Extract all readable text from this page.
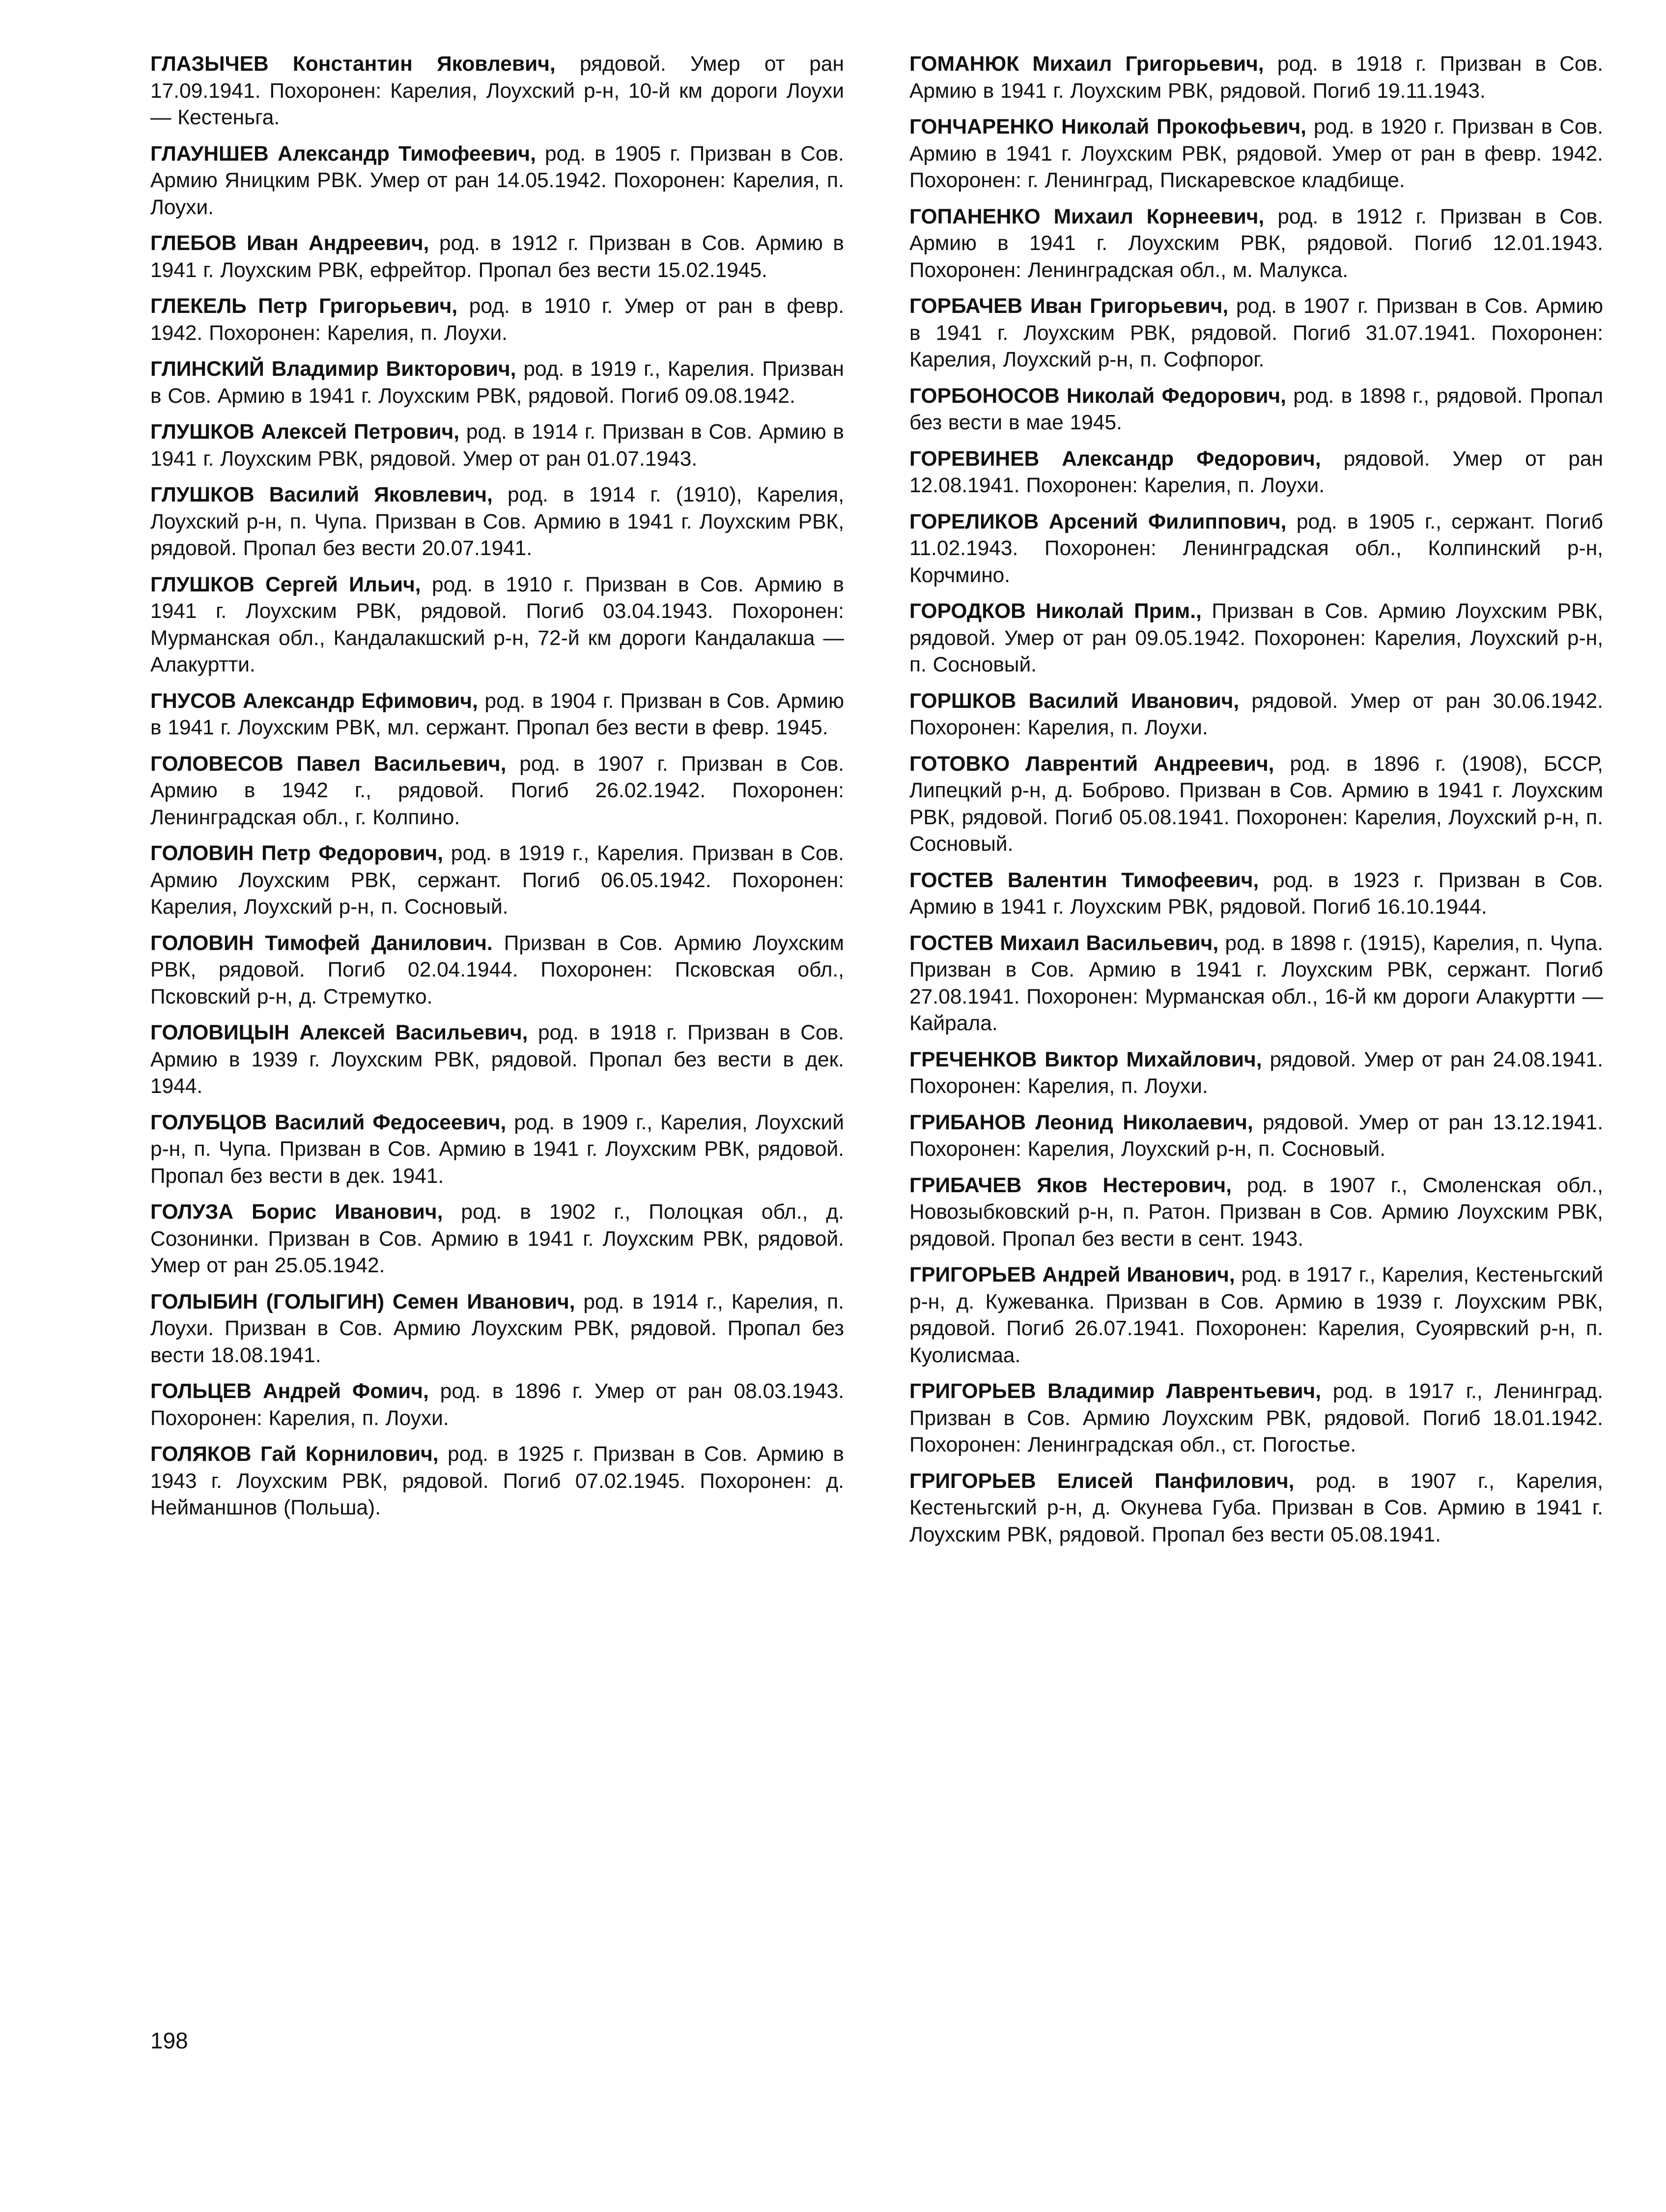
ГЛАЗЫЧЕВ Константин Яковлевич, рядовой. Умер от ран 17.09.1941. Похоронен: Карелия, Лоухский р-н, 10-й км дороги Лоухи — Кестеньга.

ГЛАУНШЕВ Александр Тимофеевич, род. в 1905 г. Призван в Сов. Армию Яницким РВК. Умер от ран 14.05.1942. Похоронен: Карелия, п. Лоухи.

ГЛЕБОВ Иван Андреевич, род. в 1912 г. Призван в Сов. Армию в 1941 г. Лоухским РВК, ефрейтор. Пропал без вести 15.02.1945.

ГЛЕКЕЛЬ Петр Григорьевич, род. в 1910 г. Умер от ран в февр. 1942. Похоронен: Карелия, п. Лоухи.

ГЛИНСКИЙ Владимир Викторович, род. в 1919 г., Карелия. Призван в Сов. Армию в 1941 г. Лоухским РВК, рядовой. Погиб 09.08.1942.

ГЛУШКОВ Алексей Петрович, род. в 1914 г. Призван в Сов. Армию в 1941 г. Лоухским РВК, рядовой. Умер от ран 01.07.1943.

ГЛУШКОВ Василий Яковлевич, род. в 1914 г. (1910), Карелия, Лоухский р-н, п. Чупа. Призван в Сов. Армию в 1941 г. Лоухским РВК, рядовой. Пропал без вести 20.07.1941.

ГЛУШКОВ Сергей Ильич, род. в 1910 г. Призван в Сов. Армию в 1941 г. Лоухским РВК, рядовой. Погиб 03.04.1943. Похоронен: Мурманская обл., Кандалакшский р-н, 72-й км дороги Кандалакша — Алакуртти.

ГНУСОВ Александр Ефимович, род. в 1904 г. Призван в Сов. Армию в 1941 г. Лоухским РВК, мл. сержант. Пропал без вести в февр. 1945.

ГОЛОВЕСОВ Павел Васильевич, род. в 1907 г. Призван в Сов. Армию в 1942 г., рядовой. Погиб 26.02.1942. Похоронен: Ленинградская обл., г. Колпино.

ГОЛОВИН Петр Федорович, род. в 1919 г., Карелия. Призван в Сов. Армию Лоухским РВК, сержант. Погиб 06.05.1942. Похоронен: Карелия, Лоухский р-н, п. Сосновый.

ГОЛОВИН Тимофей Данилович. Призван в Сов. Армию Лоухским РВК, рядовой. Погиб 02.04.1944. Похоронен: Псковская обл., Псковский р-н, д. Стремутко.

ГОЛОВИЦЫН Алексей Васильевич, род. в 1918 г. Призван в Сов. Армию в 1939 г. Лоухским РВК, рядовой. Пропал без вести в дек. 1944.

ГОЛУБЦОВ Василий Федосеевич, род. в 1909 г., Карелия, Лоухский р-н, п. Чупа. Призван в Сов. Армию в 1941 г. Лоухским РВК, рядовой. Пропал без вести в дек. 1941.

ГОЛУЗА Борис Иванович, род. в 1902 г., Полоцкая обл., д. Созонинки. Призван в Сов. Армию в 1941 г. Лоухским РВК, рядовой. Умер от ран 25.05.1942.

ГОЛЫБИН (ГОЛЫГИН) Семен Иванович, род. в 1914 г., Карелия, п. Лоухи. Призван в Сов. Армию Лоухским РВК, рядовой. Пропал без вести 18.08.1941.

ГОЛЬЦЕВ Андрей Фомич, род. в 1896 г. Умер от ран 08.03.1943. Похоронен: Карелия, п. Лоухи.

ГОЛЯКОВ Гай Корнилович, род. в 1925 г. Призван в Сов. Армию в 1943 г. Лоухским РВК, рядовой. Погиб 07.02.1945. Похоронен: д. Нейманшнов (Польша).

ГОМАНЮК Михаил Григорьевич, род. в 1918 г. Призван в Сов. Армию в 1941 г. Лоухским РВК, рядовой. Погиб 19.11.1943.

ГОНЧАРЕНКО Николай Прокофьевич, род. в 1920 г. Призван в Сов. Армию в 1941 г. Лоухским РВК, рядовой. Умер от ран в февр. 1942. Похоронен: г. Ленинград, Пискаревское кладбище.

ГОПАНЕНКО Михаил Корнеевич, род. в 1912 г. Призван в Сов. Армию в 1941 г. Лоухским РВК, рядовой. Погиб 12.01.1943. Похоронен: Ленинградская обл., м. Малукса.

ГОРБАЧЕВ Иван Григорьевич, род. в 1907 г. Призван в Сов. Армию в 1941 г. Лоухским РВК, рядовой. Погиб 31.07.1941. Похоронен: Карелия, Лоухский р-н, п. Софпорог.

ГОРБОНОСОВ Николай Федорович, род. в 1898 г., рядовой. Пропал без вести в мае 1945.

ГОРЕВИНЕВ Александр Федорович, рядовой. Умер от ран 12.08.1941. Похоронен: Карелия, п. Лоухи.

ГОРЕЛИКОВ Арсений Филиппович, род. в 1905 г., сержант. Погиб 11.02.1943. Похоронен: Ленинградская обл., Колпинский р-н, Корчмино.

ГОРОДКОВ Николай Прим., Призван в Сов. Армию Лоухским РВК, рядовой. Умер от ран 09.05.1942. Похоронен: Карелия, Лоухский р-н, п. Сосновый.

ГОРШКОВ Василий Иванович, рядовой. Умер от ран 30.06.1942. Похоронен: Карелия, п. Лоухи.

ГОТОВКО Лаврентий Андреевич, род. в 1896 г. (1908), БССР, Липецкий р-н, д. Боброво. Призван в Сов. Армию в 1941 г. Лоухским РВК, рядовой. Погиб 05.08.1941. Похоронен: Карелия, Лоухский р-н, п. Сосновый.

ГОСТЕВ Валентин Тимофеевич, род. в 1923 г. Призван в Сов. Армию в 1941 г. Лоухским РВК, рядовой. Погиб 16.10.1944.

ГОСТЕВ Михаил Васильевич, род. в 1898 г. (1915), Карелия, п. Чупа. Призван в Сов. Армию в 1941 г. Лоухским РВК, сержант. Погиб 27.08.1941. Похоронен: Мурманская обл., 16-й км дороги Алакуртти — Кайрала.

ГРЕЧЕНКОВ Виктор Михайлович, рядовой. Умер от ран 24.08.1941. Похоронен: Карелия, п. Лоухи.

ГРИБАНОВ Леонид Николаевич, рядовой. Умер от ран 13.12.1941. Похоронен: Карелия, Лоухский р-н, п. Сосновый.

ГРИБАЧЕВ Яков Нестерович, род. в 1907 г., Смоленская обл., Новозыбковский р-н, п. Ратон. Призван в Сов. Армию Лоухским РВК, рядовой. Пропал без вести в сент. 1943.

ГРИГОРЬЕВ Андрей Иванович, род. в 1917 г., Карелия, Кестеньгский р-н, д. Кужеванка. Призван в Сов. Армию в 1939 г. Лоухским РВК, рядовой. Погиб 26.07.1941. Похоронен: Карелия, Суоярвский р-н, п. Куолисмаа.

ГРИГОРЬЕВ Владимир Лаврентьевич, род. в 1917 г., Ленинград. Призван в Сов. Армию Лоухским РВК, рядовой. Погиб 18.01.1942. Похоронен: Ленинградская обл., ст. Погостье.

ГРИГОРЬЕВ Елисей Панфилович, род. в 1907 г., Карелия, Кестеньгский р-н, д. Окунева Губа. Призван в Сов. Армию в 1941 г. Лоухским РВК, рядовой. Пропал без вести 05.08.1941.

198
